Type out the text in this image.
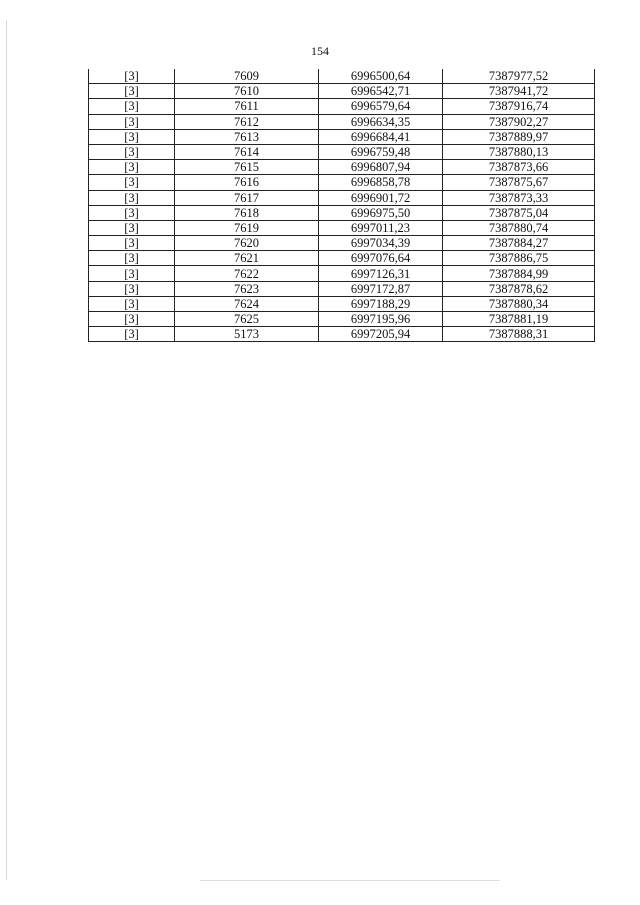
154
[3]	7609	6996500,64	7387977,52
[3]	7610	6996542,71	7387941,72
[3]	7611	6996579,64	7387916,74
[3]	7612	6996634,35	7387902,27
[3]	7613	6996684,41	7387889,97
[3]	7614	6996759,48	7387880,13
[3]	7615	6996807,94	7387873,66
[3]	7616	6996858,78	7387875,67
[3]	7617	6996901,72	7387873,33
[3]	7618	6996975,50	7387875,04
[3]	7619	6997011,23	7387880,74
[3]	7620	6997034,39	7387884,27
[3]	7621	6997076,64	7387886,75
[3]	7622	6997126,31	7387884,99
[3]	7623	6997172,87	7387878,62
[3]	7624	6997188,29	7387880,34
[3]	7625	6997195,96	7387881,19
[3]	5173	6997205,94	7387888,31
